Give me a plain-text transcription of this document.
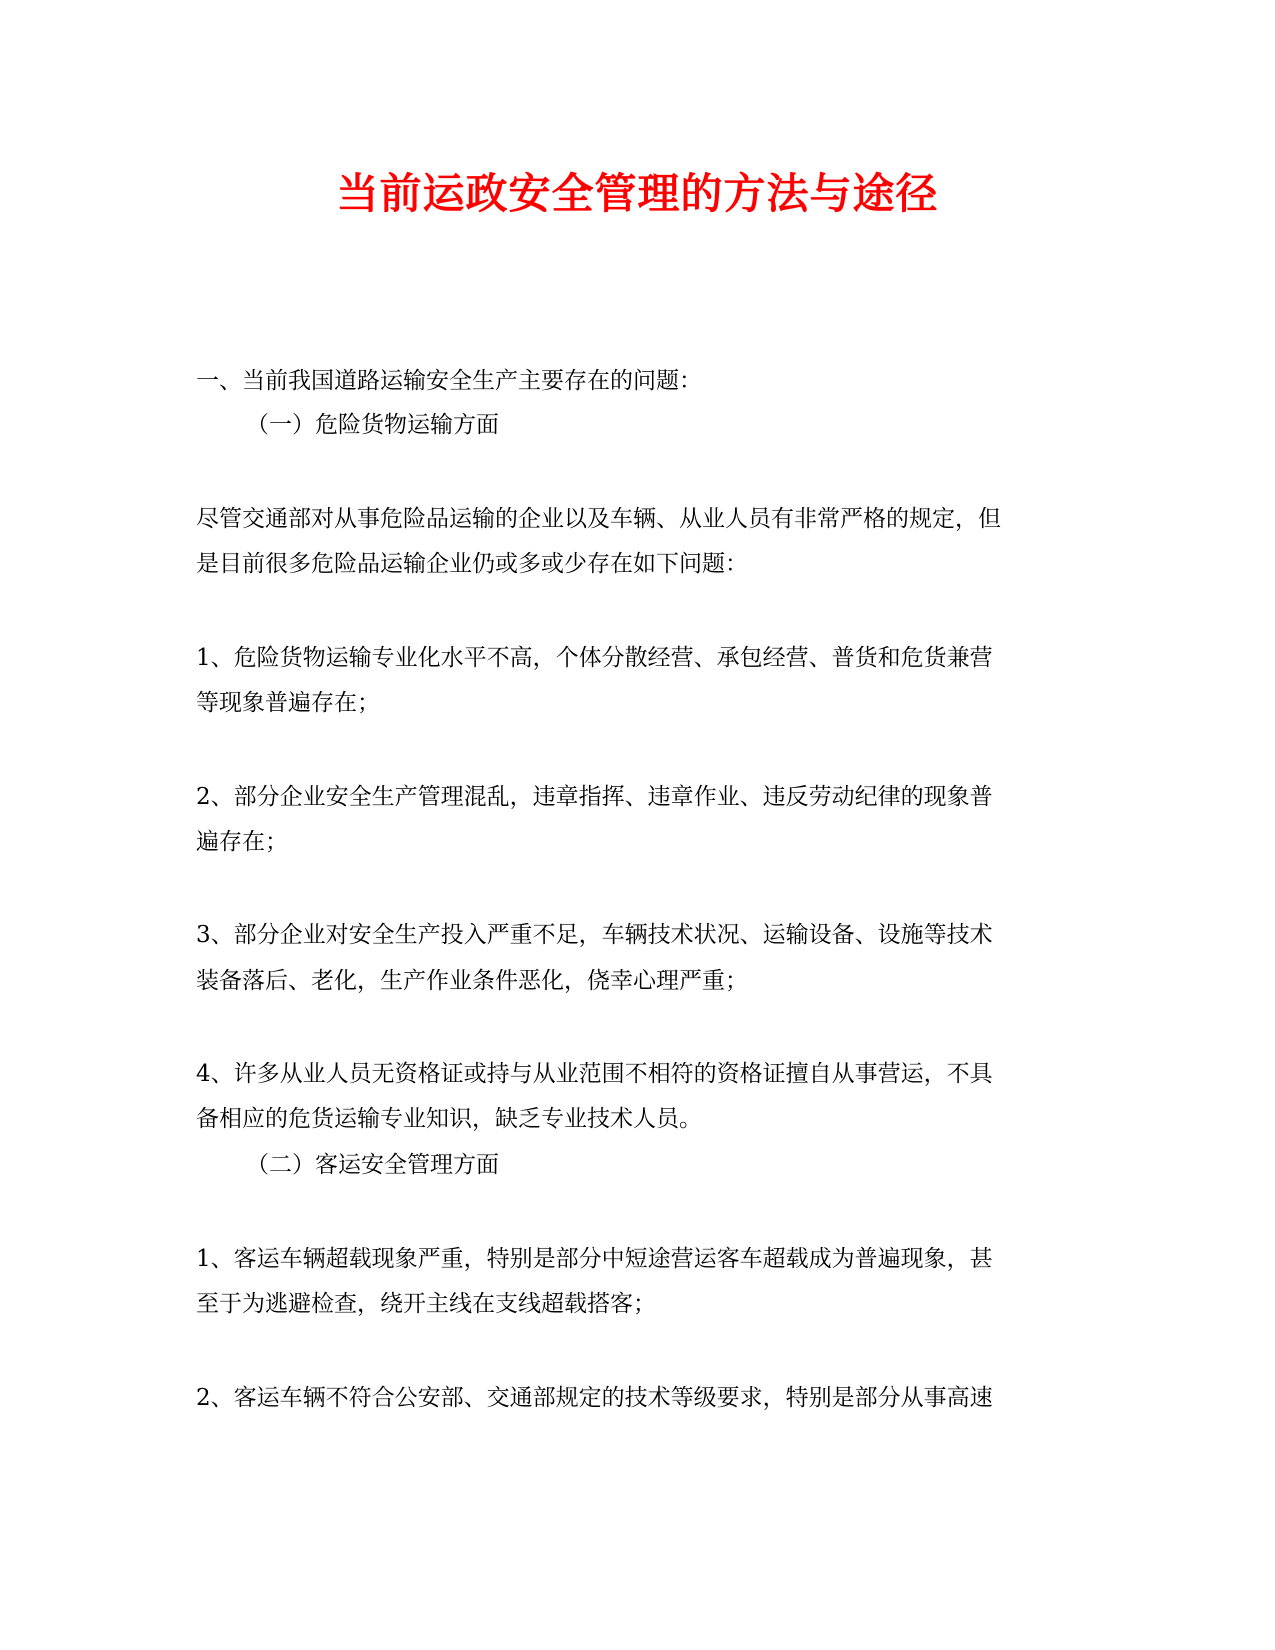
当前运政安全管理的方法与途径
一、当前我国道路运输安全生产主要存在的问题：
（一）危险货物运输方面
尽管交通部对从事危险品运输的企业以及车辆、从业人员有非常严格的规定，但
是目前很多危险品运输企业仍或多或少存在如下问题：
1、危险货物运输专业化水平不高，个体分散经营、承包经营、普货和危货兼营
等现象普遍存在；
2、部分企业安全生产管理混乱，违章指挥、违章作业、违反劳动纪律的现象普
遍存在；
3、部分企业对安全生产投入严重不足，车辆技术状况、运输设备、设施等技术
装备落后、老化，生产作业条件恶化，侥幸心理严重；
4、许多从业人员无资格证或持与从业范围不相符的资格证擅自从事营运，不具
备相应的危货运输专业知识，缺乏专业技术人员。
（二）客运安全管理方面
1、客运车辆超载现象严重，特别是部分中短途营运客车超载成为普遍现象，甚
至于为逃避检查，绕开主线在支线超载搭客；
2、客运车辆不符合公安部、交通部规定的技术等级要求，特别是部分从事高速
